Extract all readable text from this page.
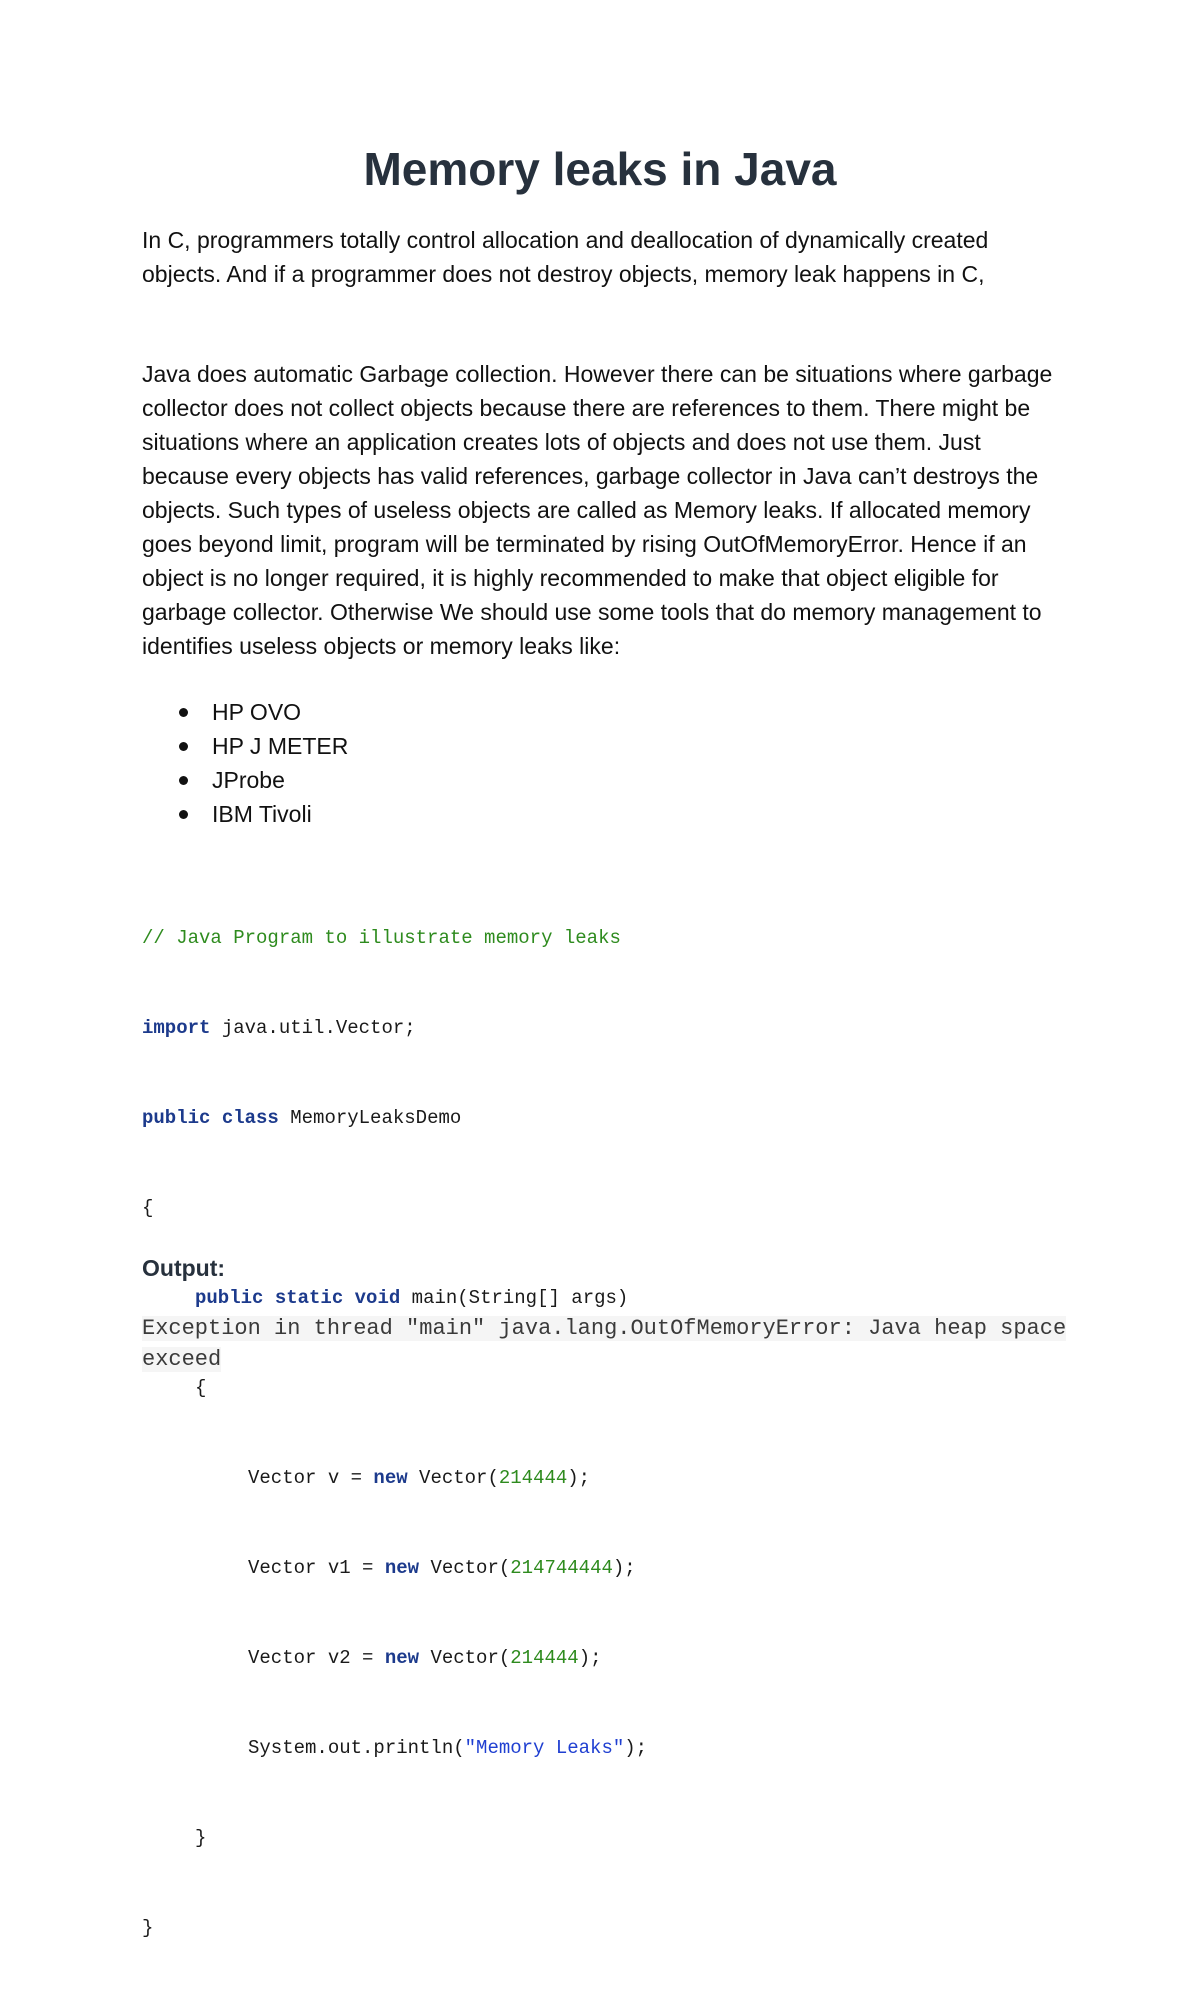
Memory leaks in Java

In C, programmers totally control allocation and deallocation of dynamically created objects. And if a programmer does not destroy objects, memory leak happens in C,

Java does automatic Garbage collection. However there can be situations where garbage collector does not collect objects because there are references to them. There might be situations where an application creates lots of objects and does not use them. Just because every objects has valid references, garbage collector in Java can’t destroys the objects. Such types of useless objects are called as Memory leaks. If allocated memory goes beyond limit, program will be terminated by rising OutOfMemoryError. Hence if an object is no longer required, it is highly recommended to make that object eligible for garbage collector. Otherwise We should use some tools that do memory management to identifies useless objects or memory leaks like:

HP OVO
HP J METER
JProbe
IBM Tivoli

// Java Program to illustrate memory leaks

import java.util.Vector;

public class MemoryLeaksDemo

{

public static void main(String[] args)

{

Vector v = new Vector(214444);

Vector v1 = new Vector(214744444);

Vector v2 = new Vector(214444);

System.out.println("Memory Leaks");

}

}

Output:

Exception in thread "main" java.lang.OutOfMemoryError: Java heap space exceed
